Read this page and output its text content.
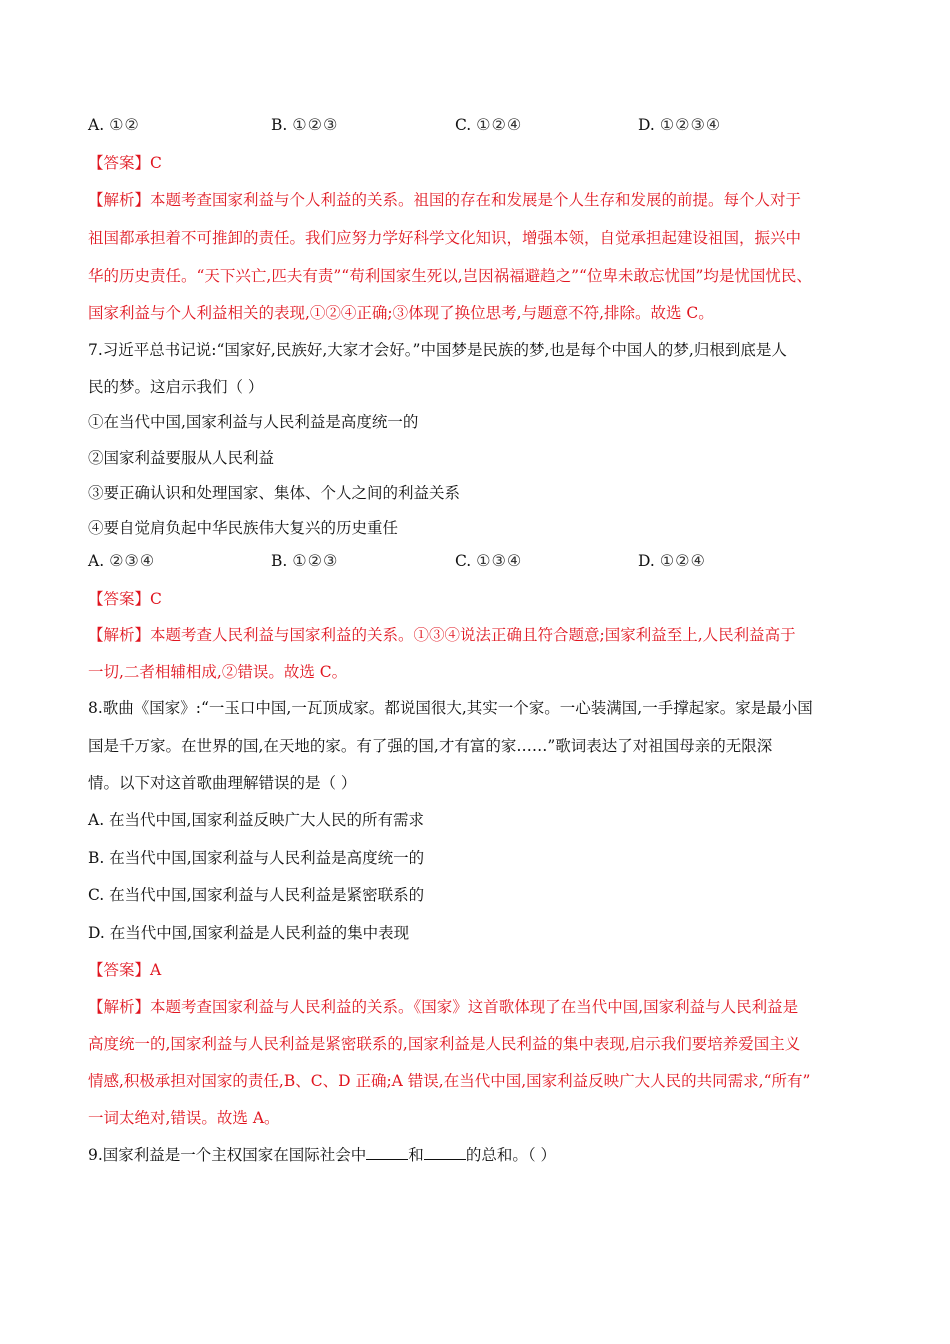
A. ①②	B. ①②③	C. ①②④	D. ①②③④
【答案】C
【解析】本题考查国家利益与个人利益的关系。祖国的存在和发展是个人生存和发展的前提。每个人对于
祖国都承担着不可推卸的责任。我们应努力学好科学文化知识，增强本领，自觉承担起建设祖国，振兴中
华的历史责任。“天下兴亡,匹夫有责”“苟利国家生死以,岂因祸福避趋之”“位卑未敢忘忧国”均是忧国忧民、
国家利益与个人利益相关的表现,①②④正确;③体现了换位思考,与题意不符,排除。故选 C。
7.习近平总书记说:“国家好,民族好,大家才会好。”中国梦是民族的梦,也是每个中国人的梦,归根到底是人
民的梦。这启示我们（ ）
①在当代中国,国家利益与人民利益是高度统一的
②国家利益要服从人民利益
③要正确认识和处理国家、集体、个人之间的利益关系
④要自觉肩负起中华民族伟大复兴的历史重任
A. ②③④	B. ①②③	C. ①③④	D. ①②④
【答案】C
【解析】本题考查人民利益与国家利益的关系。①③④说法正确且符合题意;国家利益至上,人民利益高于
一切,二者相辅相成,②错误。故选 C。
8.歌曲《国家》:“一玉口中国,一瓦顶成家。都说国很大,其实一个家。一心装满国,一手撑起家。家是最小国
国是千万家。在世界的国,在天地的家。有了强的国,才有富的家……”歌词表达了对祖国母亲的无限深
情。以下对这首歌曲理解错误的是（ ）
A. 在当代中国,国家利益反映广大人民的所有需求
B. 在当代中国,国家利益与人民利益是高度统一的
C. 在当代中国,国家利益与人民利益是紧密联系的
D. 在当代中国,国家利益是人民利益的集中表现
【答案】A
【解析】本题考查国家利益与人民利益的关系。《国家》这首歌体现了在当代中国,国家利益与人民利益是
高度统一的,国家利益与人民利益是紧密联系的,国家利益是人民利益的集中表现,启示我们要培养爱国主义
情感,积极承担对国家的责任,B、C、D 正确;A 错误,在当代中国,国家利益反映广大人民的共同需求,“所有”
一词太绝对,错误。故选 A。
9.国家利益是一个主权国家在国际社会中	和	的总和。（ ）
